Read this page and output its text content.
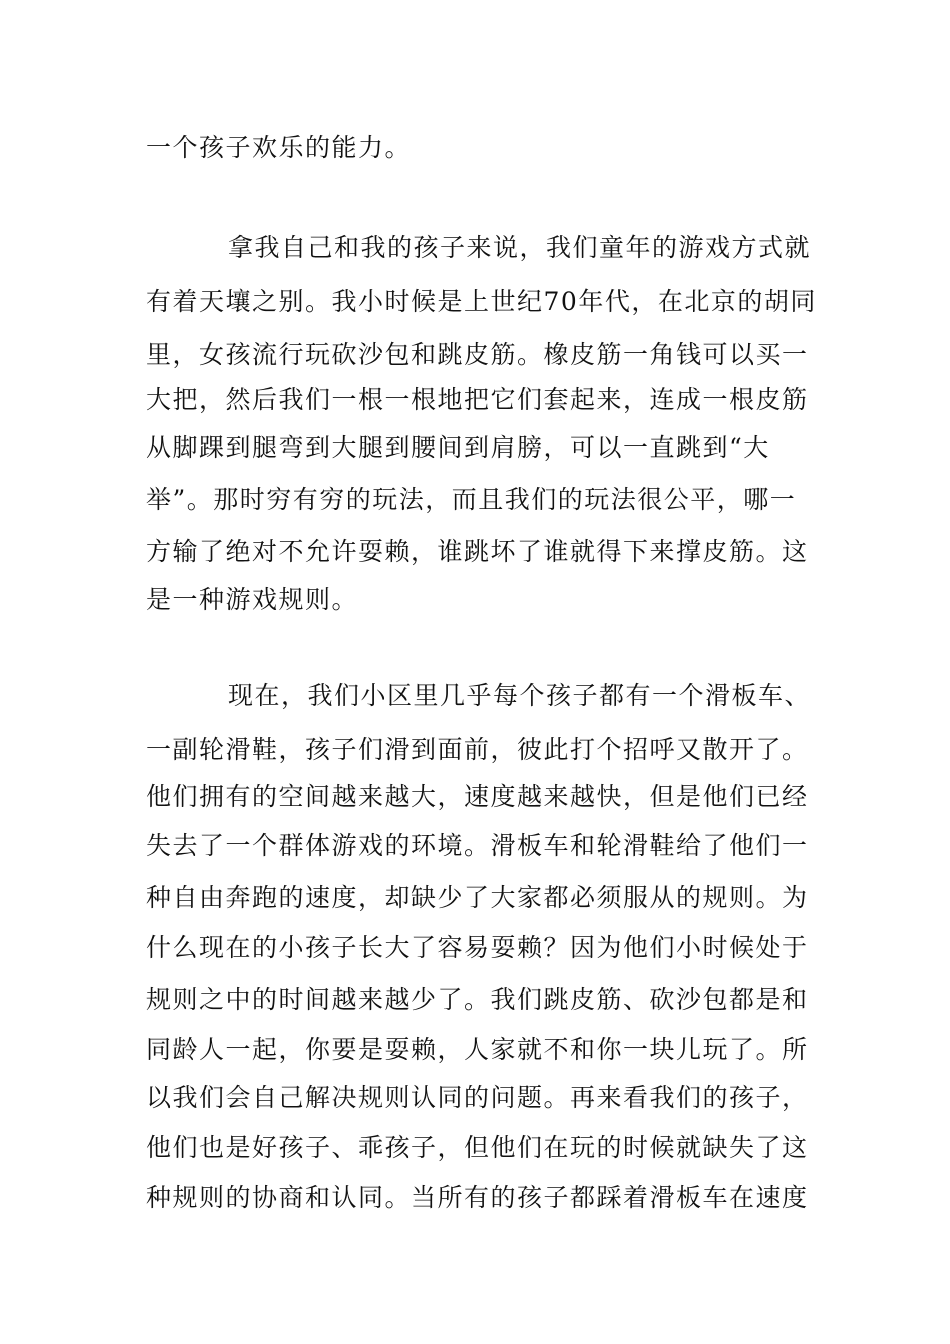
一个孩子欢乐的能力。
拿我自己和我的孩子来说，我们童年的游戏方式就
有着天壤之别。我小时候是上世纪70年代，在北京的胡同
里，女孩流行玩砍沙包和跳皮筋。橡皮筋一角钱可以买一
大把，然后我们一根一根地把它们套起来，连成一根皮筋
从脚踝到腿弯到大腿到腰间到肩膀，可以一直跳到“大
举”。那时穷有穷的玩法，而且我们的玩法很公平，哪一
方输了绝对不允许耍赖，谁跳坏了谁就得下来撑皮筋。这
是一种游戏规则。
现在，我们小区里几乎每个孩子都有一个滑板车、
一副轮滑鞋，孩子们滑到面前，彼此打个招呼又散开了。
他们拥有的空间越来越大，速度越来越快，但是他们已经
失去了一个群体游戏的环境。滑板车和轮滑鞋给了他们一
种自由奔跑的速度，却缺少了大家都必须服从的规则。为
什么现在的小孩子长大了容易耍赖？因为他们小时候处于
规则之中的时间越来越少了。我们跳皮筋、砍沙包都是和
同龄人一起，你要是耍赖，人家就不和你一块儿玩了。所
以我们会自己解决规则认同的问题。再来看我们的孩子，
他们也是好孩子、乖孩子，但他们在玩的时候就缺失了这
种规则的协商和认同。当所有的孩子都踩着滑板车在速度
